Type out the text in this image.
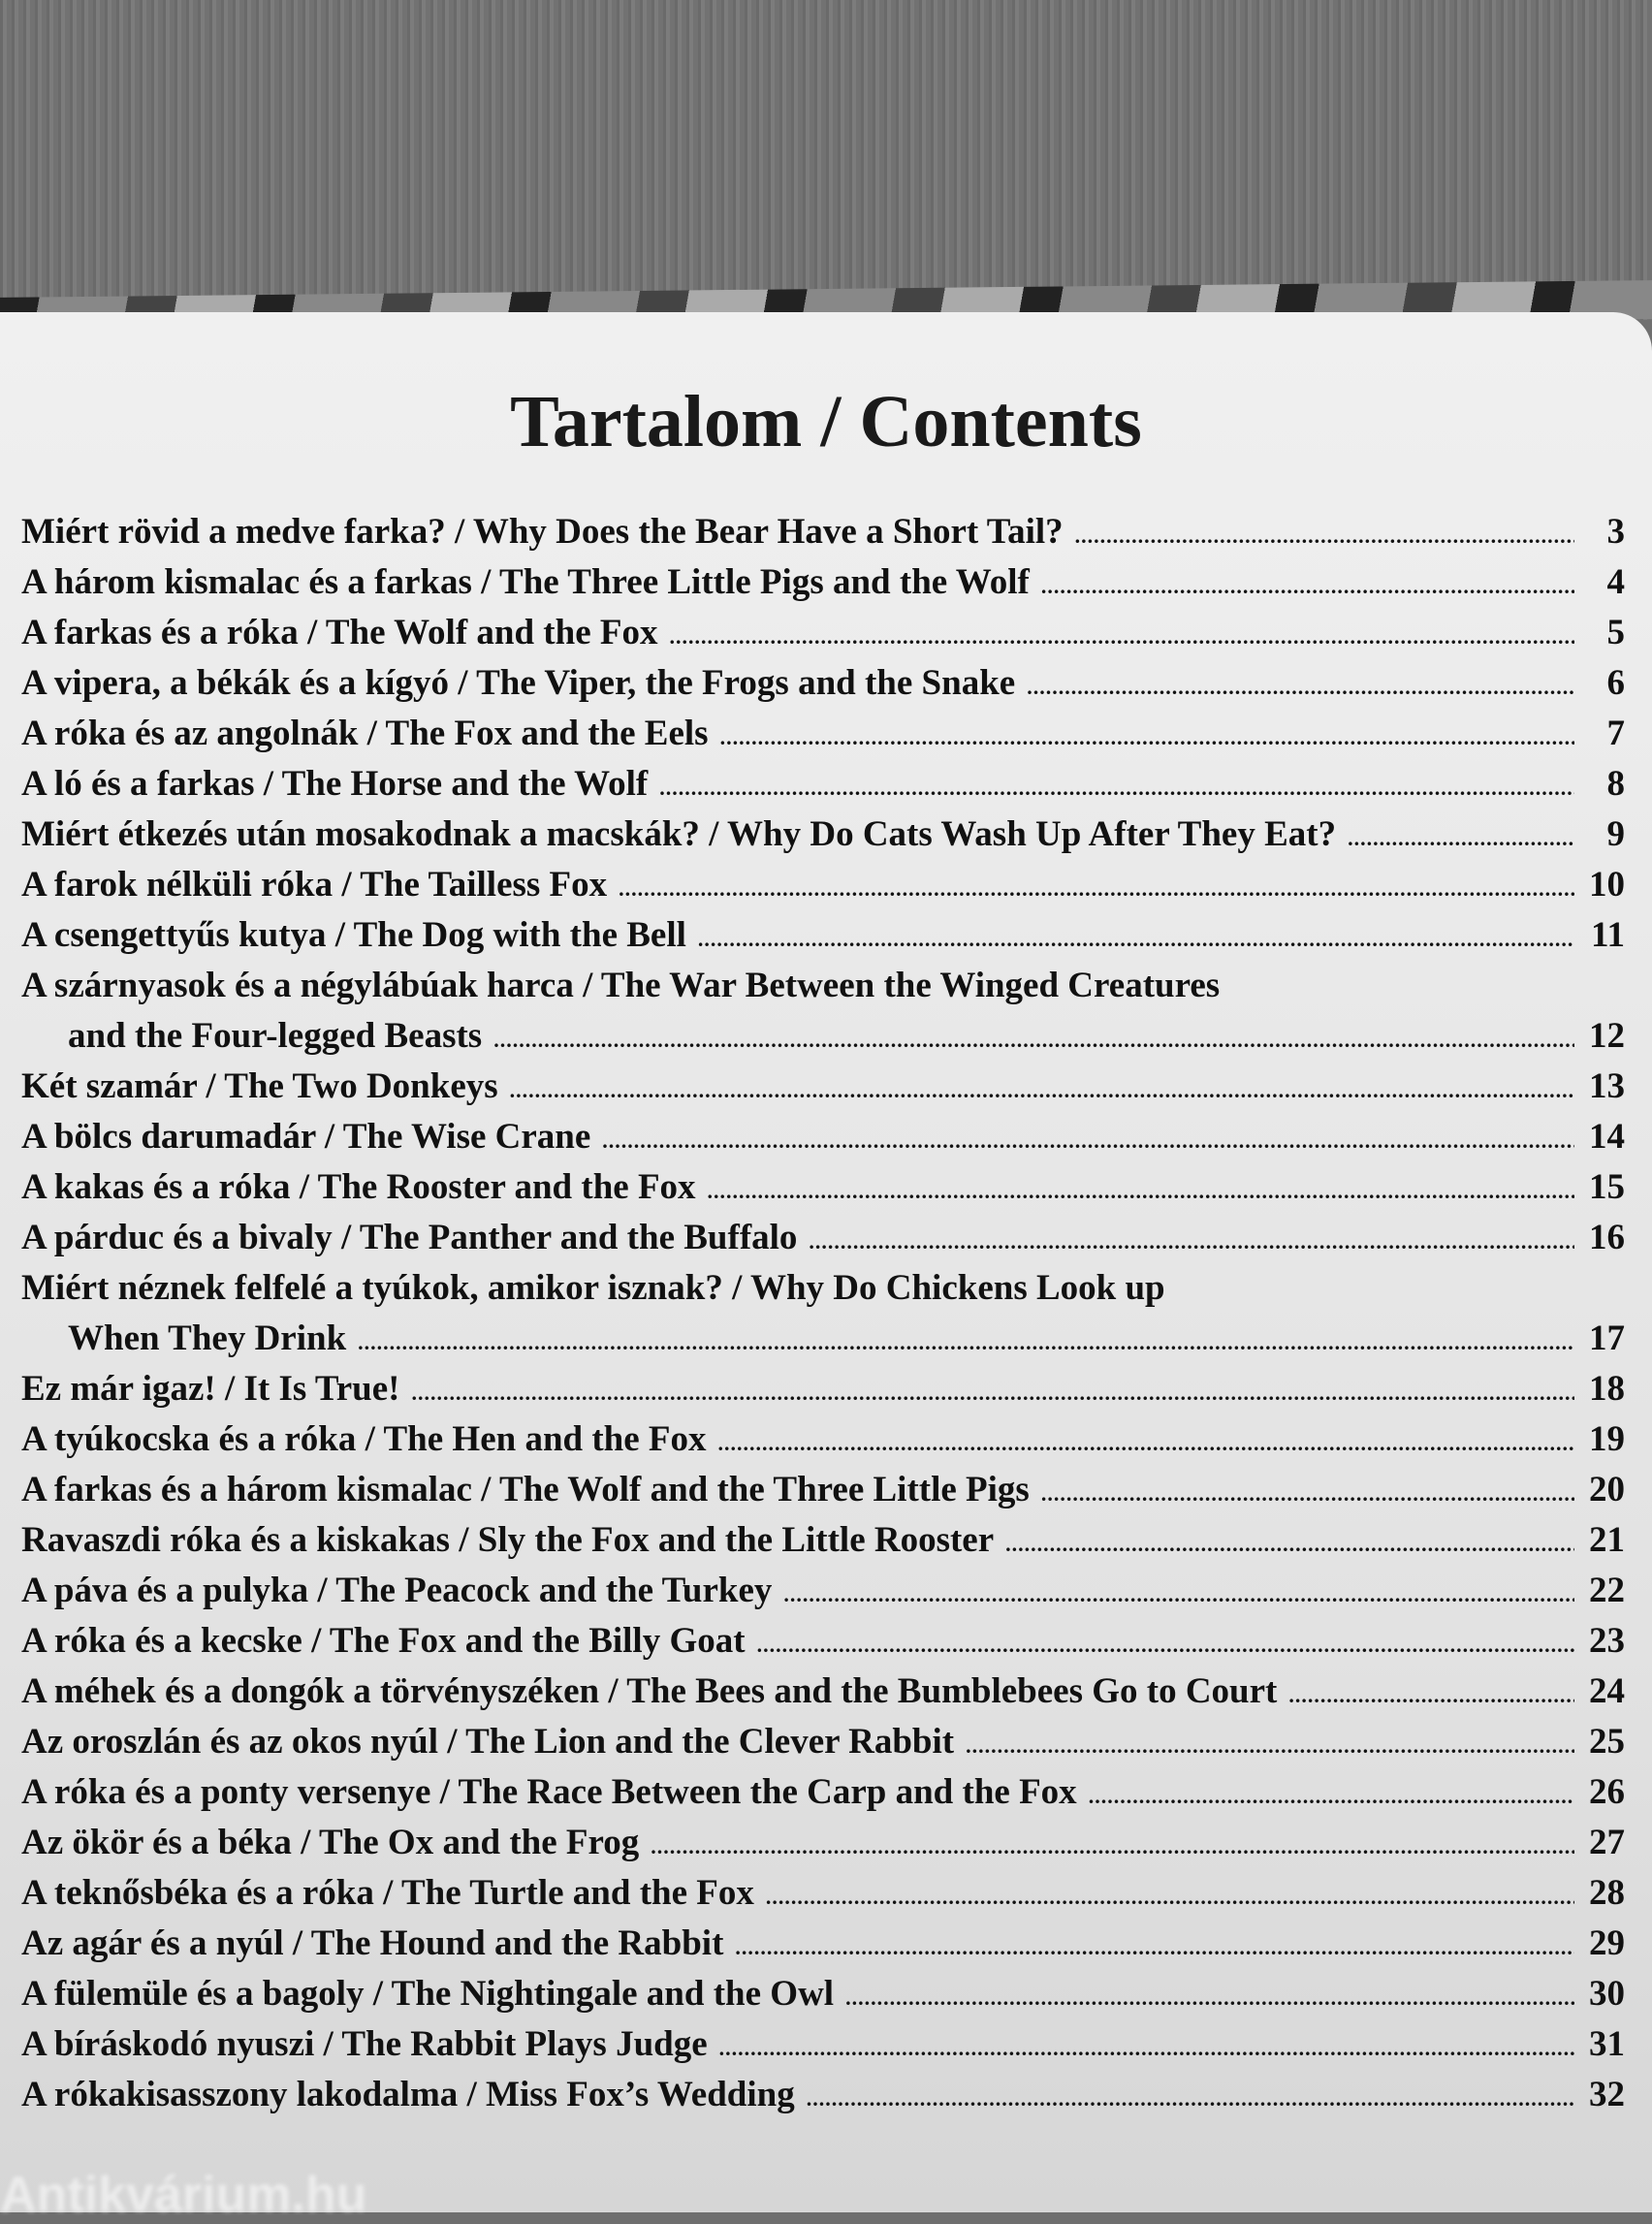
Tartalom / Contents
Miért rövid a medve farka? / Why Does the Bear Have a Short Tail? .....	3
A három kismalac és a farkas / The Three Little Pigs and the Wolf .....	4
A farkas és a róka / The Wolf and the Fox .....	5
A vipera, a békák és a kígyó / The Viper, the Frogs and the Snake .....	6
A róka és az angolnák / The Fox and the Eels .....	7
A ló és a farkas / The Horse and the Wolf .....	8
Miért étkezés után mosakodnak a macskák? / Why Do Cats Wash Up After They Eat? .....	9
A farok nélküli róka / The Tailless Fox .....	10
A csengettyűs kutya / The Dog with the Bell .....	11
A szárnyasok és a négylábúak harca / The War Between the Winged Creatures
and the Four-legged Beasts .....	12
Két szamár / The Two Donkeys .....	13
A bölcs darumadár / The Wise Crane .....	14
A kakas és a róka / The Rooster and the Fox .....	15
A párduc és a bivaly / The Panther and the Buffalo .....	16
Miért néznek felfelé a tyúkok, amikor isznak? / Why Do Chickens Look up
When They Drink .....	17
Ez már igaz! / It Is True! .....	18
A tyúkocska és a róka / The Hen and the Fox .....	19
A farkas és a három kismalac / The Wolf and the Three Little Pigs .....	20
Ravaszdi róka és a kiskakas / Sly the Fox and the Little Rooster .....	21
A páva és a pulyka / The Peacock and the Turkey .....	22
A róka és a kecske / The Fox and the Billy Goat .....	23
A méhek és a dongók a törvényszéken / The Bees and the Bumblebees Go to Court .....	24
Az oroszlán és az okos nyúl / The Lion and the Clever Rabbit .....	25
A róka és a ponty versenye / The Race Between the Carp and the Fox .....	26
Az ökör és a béka / The Ox and the Frog .....	27
A teknősbéka és a róka / The Turtle and the Fox .....	28
Az agár és a nyúl / The Hound and the Rabbit .....	29
A fülemüle és a bagoly / The Nightingale and the Owl .....	30
A bíráskodó nyuszi / The Rabbit Plays Judge .....	31
A rókakisasszony lakodalma / Miss Fox’s Wedding .....	32
Antikvárium.hu
